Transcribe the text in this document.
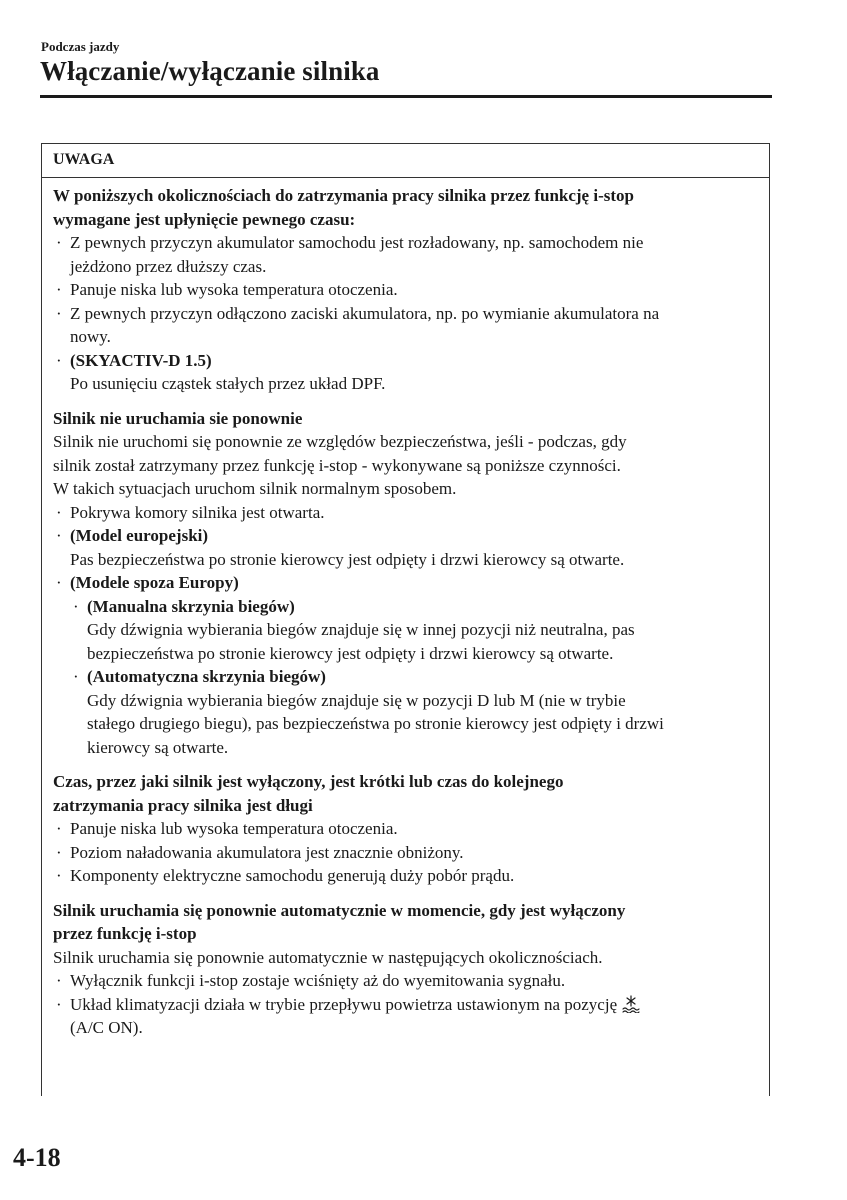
Podczas jazdy
Włączanie/wyłączanie silnika
UWAGA
W poniższych okolicznościach do zatrzymania pracy silnika przez funkcję i-stop
wymagane jest upłynięcie pewnego czasu:
· Z pewnych przyczyn akumulator samochodu jest rozładowany, np. samochodem nie
jeżdżono przez dłuższy czas.
· Panuje niska lub wysoka temperatura otoczenia.
· Z pewnych przyczyn odłączono zaciski akumulatora, np. po wymianie akumulatora na
nowy.
· (SKYACTIV-D 1.5)
Po usunięciu cząstek stałych przez układ DPF.
Silnik nie uruchamia sie ponownie
Silnik nie uruchomi się ponownie ze względów bezpieczeństwa, jeśli - podczas, gdy
silnik został zatrzymany przez funkcję i-stop - wykonywane są poniższe czynności.
W takich sytuacjach uruchom silnik normalnym sposobem.
· Pokrywa komory silnika jest otwarta.
· (Model europejski)
Pas bezpieczeństwa po stronie kierowcy jest odpięty i drzwi kierowcy są otwarte.
· (Modele spoza Europy)
· (Manualna skrzynia biegów)
Gdy dźwignia wybierania biegów znajduje się w innej pozycji niż neutralna, pas
bezpieczeństwa po stronie kierowcy jest odpięty i drzwi kierowcy są otwarte.
· (Automatyczna skrzynia biegów)
Gdy dźwignia wybierania biegów znajduje się w pozycji D lub M (nie w trybie
stałego drugiego biegu), pas bezpieczeństwa po stronie kierowcy jest odpięty i drzwi
kierowcy są otwarte.
Czas, przez jaki silnik jest wyłączony, jest krótki lub czas do kolejnego
zatrzymania pracy silnika jest długi
· Panuje niska lub wysoka temperatura otoczenia.
· Poziom naładowania akumulatora jest znacznie obniżony.
· Komponenty elektryczne samochodu generują duży pobór prądu.
Silnik uruchamia się ponownie automatycznie w momencie, gdy jest wyłączony
przez funkcję i-stop
Silnik uruchamia się ponownie automatycznie w następujących okolicznościach.
· Wyłącznik funkcji i-stop zostaje wciśnięty aż do wyemitowania sygnału.
· Układ klimatyzacji działa w trybie przepływu powietrza ustawionym na pozycję
(A/C ON).
4-18
